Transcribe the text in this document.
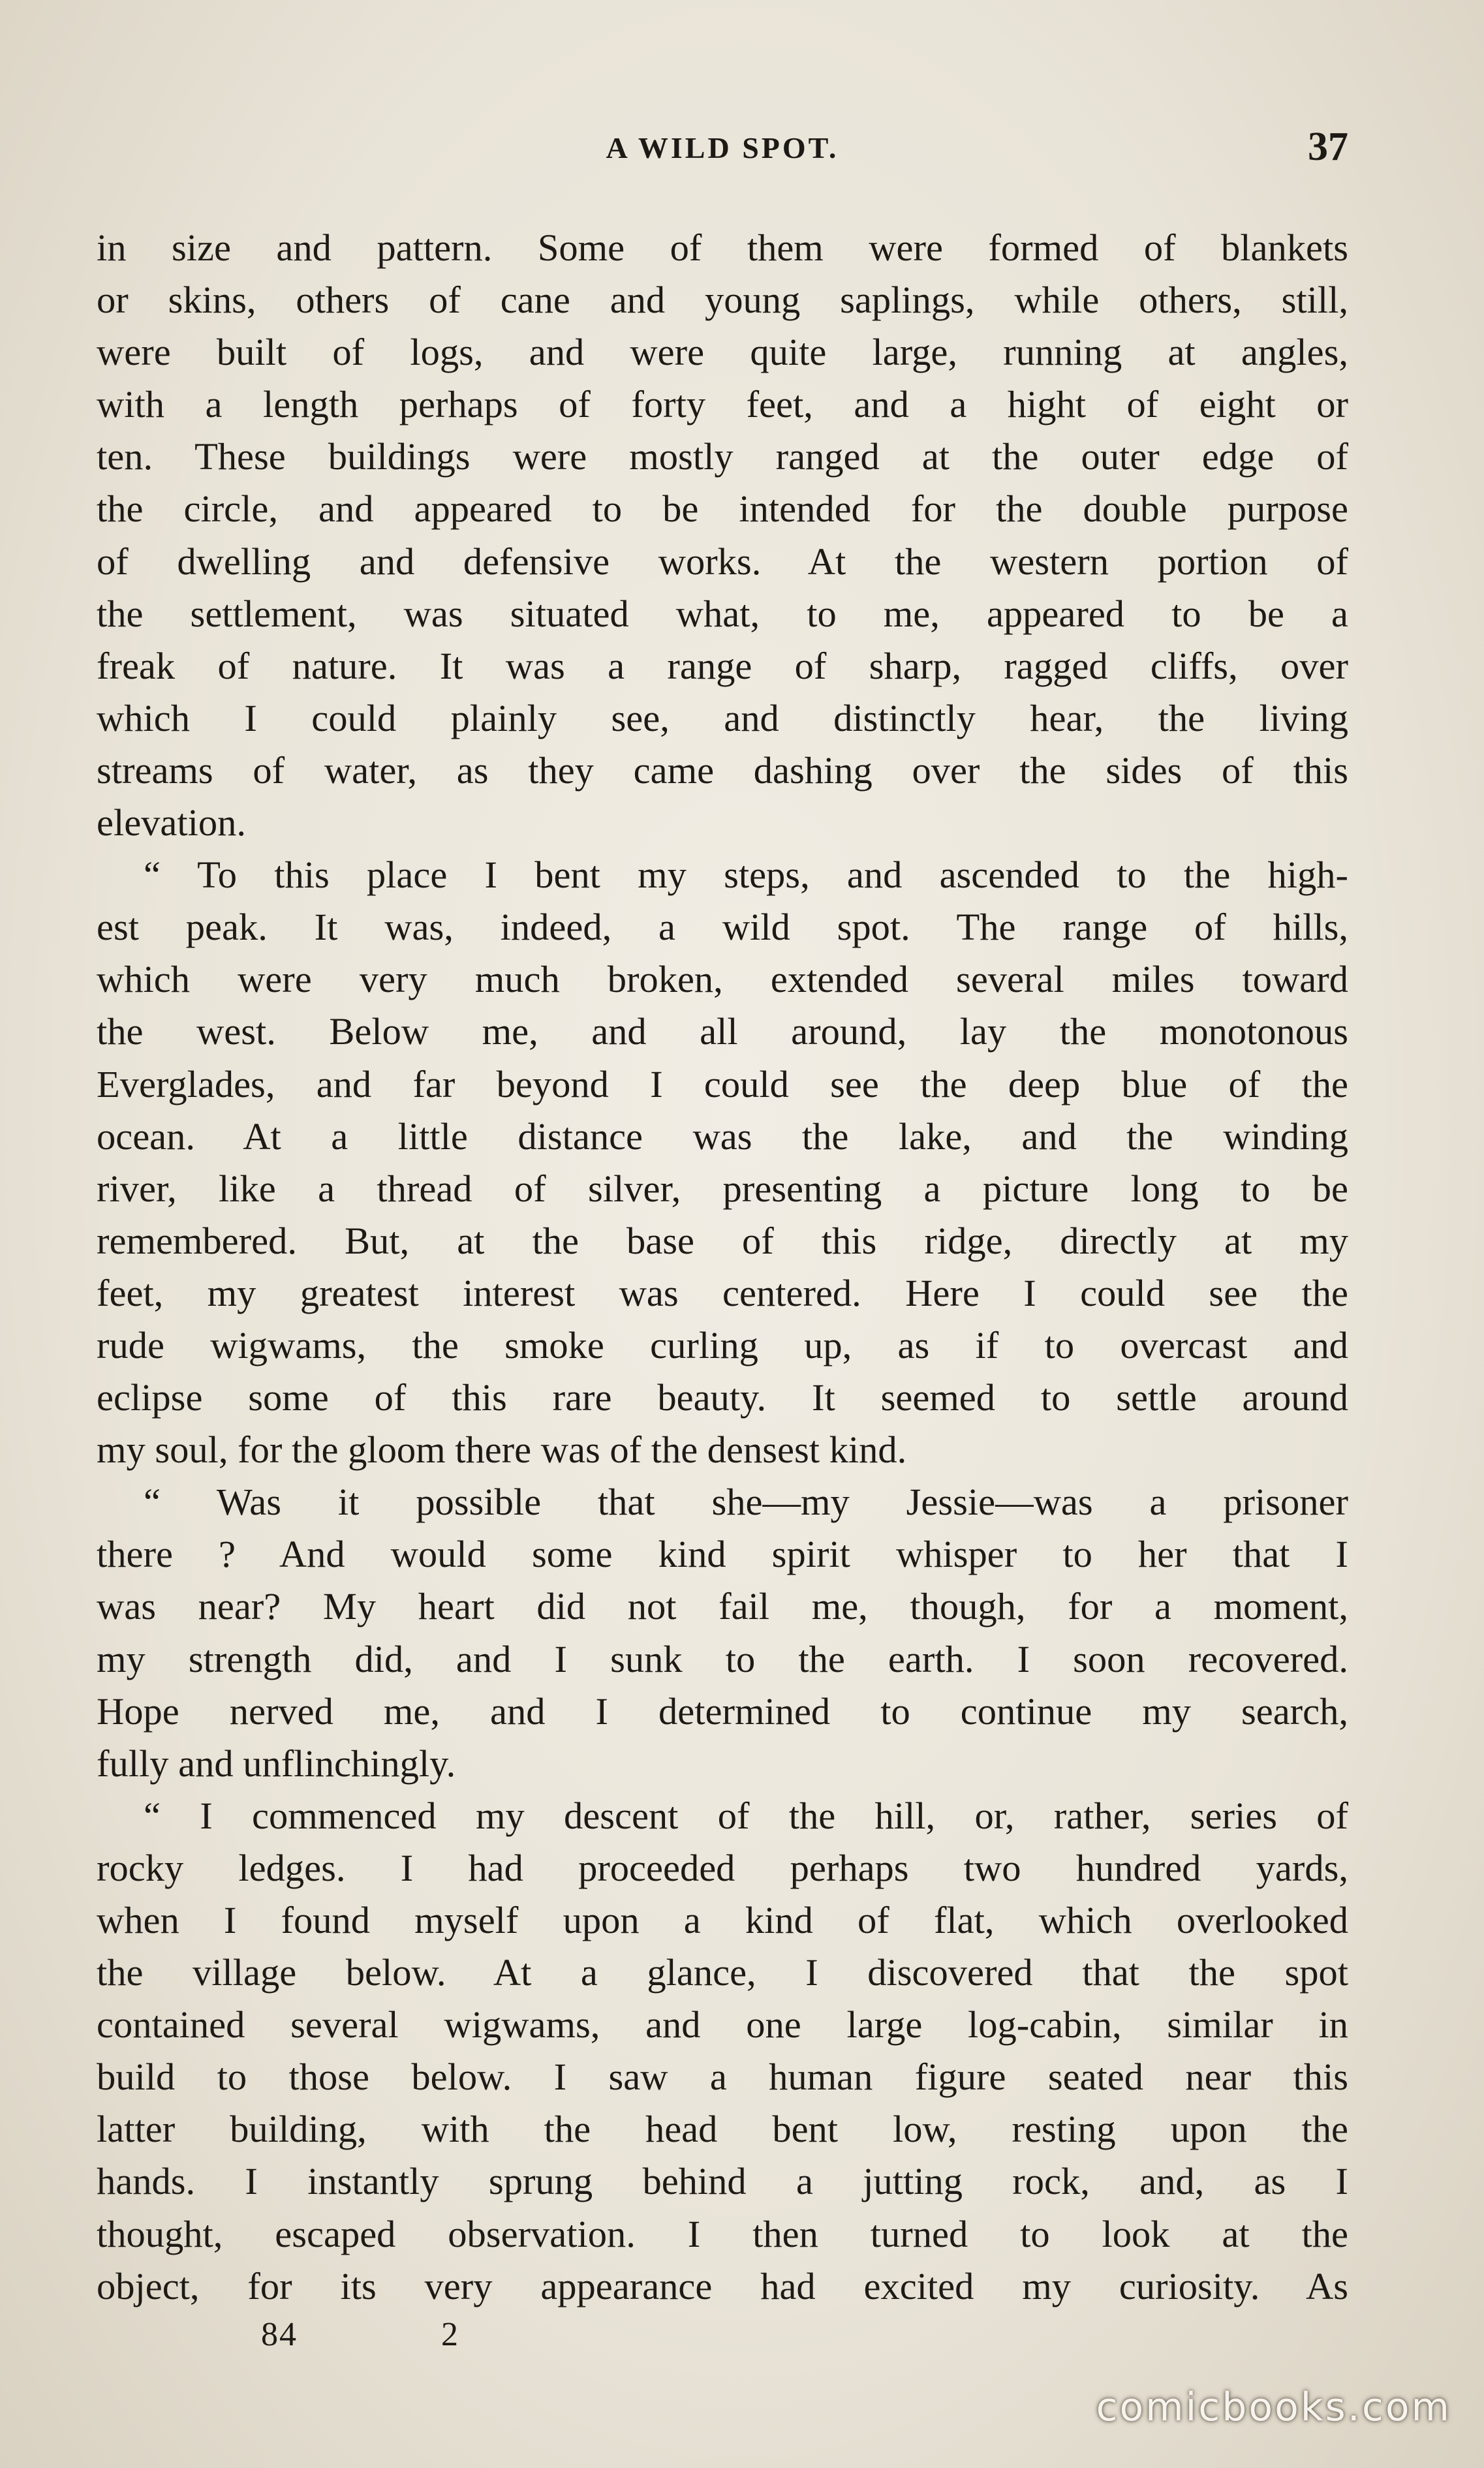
A WILD SPOT.	37
in size and pattern. Some of them were formed of blankets
or skins, others of cane and young saplings, while others, still,
were built of logs, and were quite large, running at angles,
with a length perhaps of forty feet, and a hight of eight or
ten. These buildings were mostly ranged at the outer edge of
the circle, and appeared to be intended for the double purpose
of dwelling and defensive works. At the western portion of
the settlement, was situated what, to me, appeared to be a
freak of nature. It was a range of sharp, ragged cliffs, over
which I could plainly see, and distinctly hear, the living
streams of water, as they came dashing over the sides of this
elevation.
“ To this place I bent my steps, and ascended to the high-
est peak. It was, indeed, a wild spot. The range of hills,
which were very much broken, extended several miles toward
the west. Below me, and all around, lay the monotonous
Everglades, and far beyond I could see the deep blue of the
ocean. At a little distance was the lake, and the winding
river, like a thread of silver, presenting a picture long to be
remembered. But, at the base of this ridge, directly at my
feet, my greatest interest was centered. Here I could see the
rude wigwams, the smoke curling up, as if to overcast and
eclipse some of this rare beauty. It seemed to settle around
my soul, for the gloom there was of the densest kind.
“ Was it possible that she—my Jessie—was a prisoner
there ? And would some kind spirit whisper to her that I
was near? My heart did not fail me, though, for a moment,
my strength did, and I sunk to the earth. I soon recovered.
Hope nerved me, and I determined to continue my search,
fully and unflinchingly.
“ I commenced my descent of the hill, or, rather, series of
rocky ledges. I had proceeded perhaps two hundred yards,
when I found myself upon a kind of flat, which overlooked
the village below. At a glance, I discovered that the spot
contained several wigwams, and one large log-cabin, similar in
build to those below. I saw a human figure seated near this
latter building, with the head bent low, resting upon the
hands. I instantly sprung behind a jutting rock, and, as I
thought, escaped observation. I then turned to look at the
object, for its very appearance had excited my curiosity. As
84	2
comicbooks.com
